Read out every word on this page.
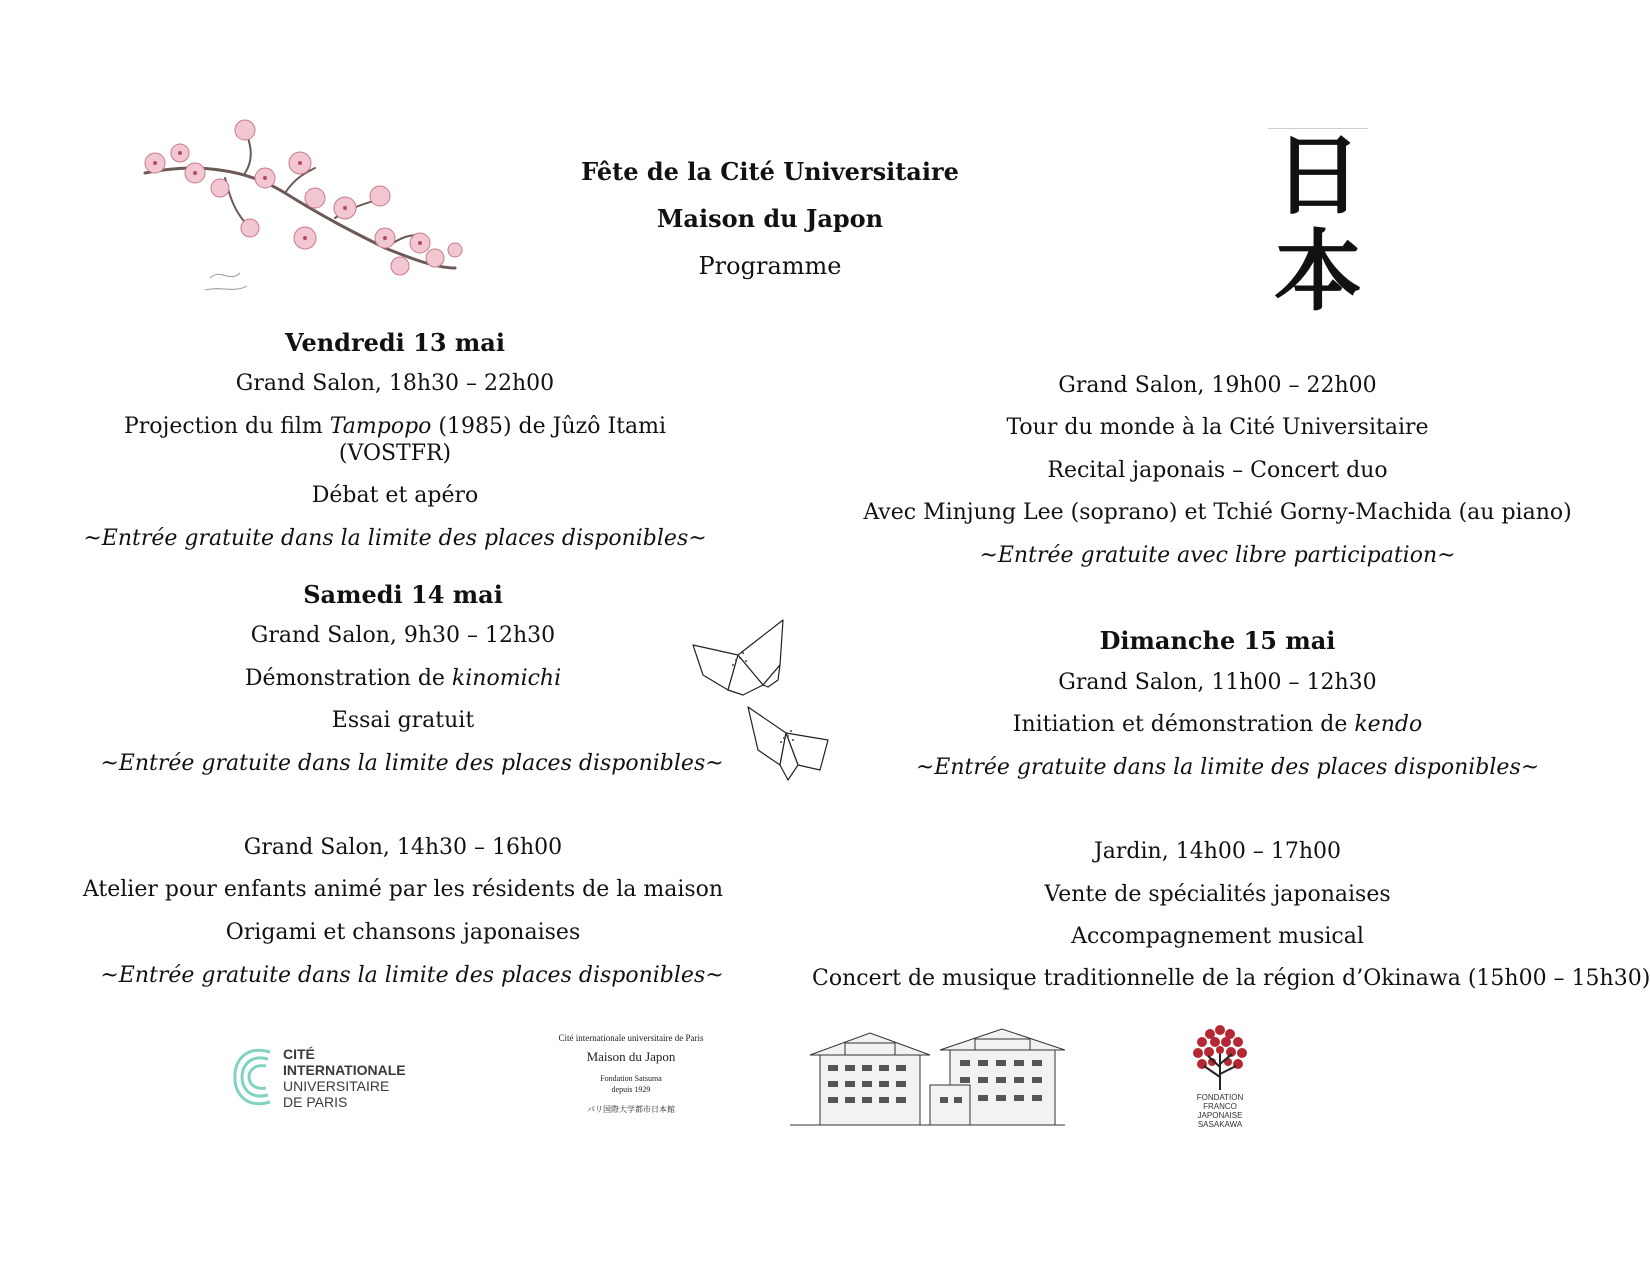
Fête de la Cité Universitaire
Maison du Japon
Programme
日
本
Vendredi 13 mai
Grand Salon, 18h30 – 22h00
Projection du film Tampopo (1985) de Jûzô Itami
(VOSTFR)
Débat et apéro
~Entrée gratuite dans la limite des places disponibles~
Samedi 14 mai
Grand Salon, 9h30 – 12h30
Démonstration de kinomichi
Essai gratuit
~Entrée gratuite dans la limite des places disponibles~
Grand Salon, 14h30 – 16h00
Atelier pour enfants animé par les résidents de la maison
Origami et chansons japonaises
~Entrée gratuite dans la limite des places disponibles~
Grand Salon, 19h00 – 22h00
Tour du monde à la Cité Universitaire
Recital japonais – Concert duo
Avec Minjung Lee (soprano) et Tchié Gorny-Machida (au piano)
~Entrée gratuite avec libre participation~
Dimanche 15 mai
Grand Salon, 11h00 – 12h30
Initiation et démonstration de kendo
~Entrée gratuite dans la limite des places disponibles~
Jardin, 14h00 – 17h00
Vente de spécialités japonaises
Accompagnement musical
Concert de musique traditionnelle de la région d’Okinawa (15h00 – 15h30)
CITÉ
INTERNATIONALE
UNIVERSITAIRE
DE PARIS
Cité internationale universitaire de Paris
Maison du Japon
Fondation Satsuma
depuis 1929
パリ国際大学都市日本館
FONDATION
FRANCO
JAPONAISE
SASAKAWA
